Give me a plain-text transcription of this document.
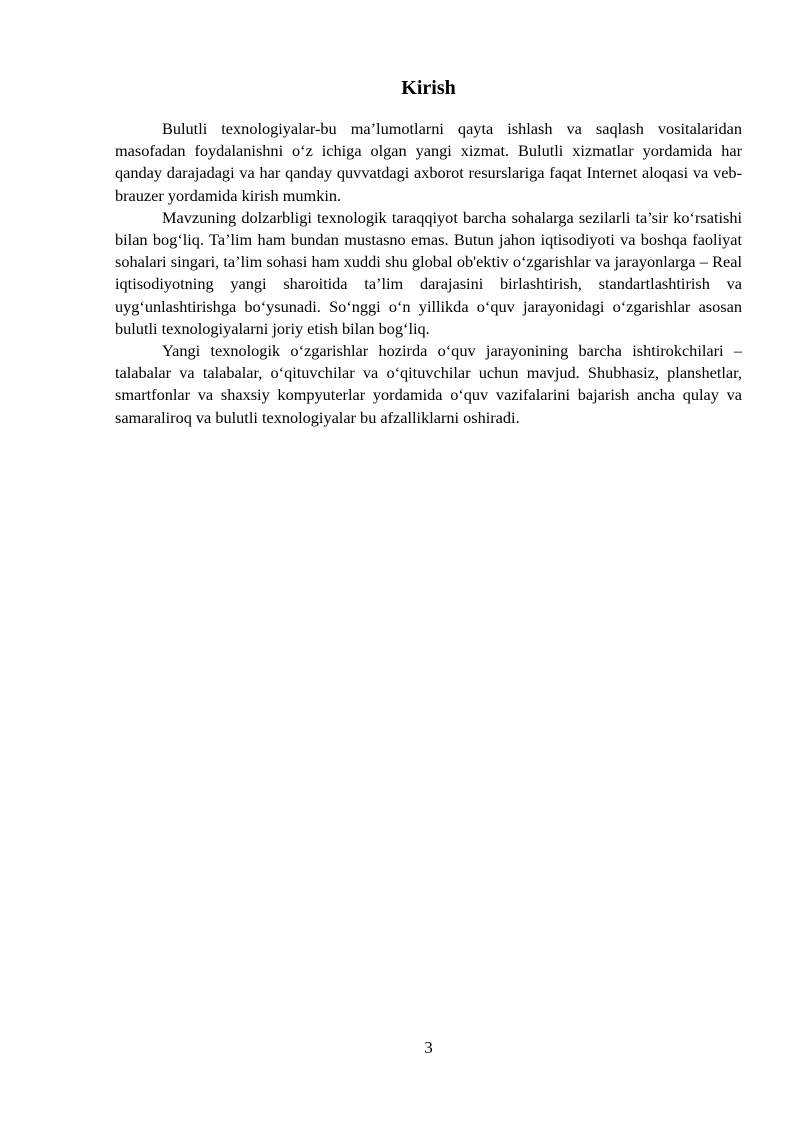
Kirish

Bulutli texnologiyalar-bu ma’lumotlarni qayta ishlash va saqlash vositalaridan masofadan foydalanishni o‘z ichiga olgan yangi xizmat. Bulutli xizmatlar yordamida har qanday darajadagi va har qanday quvvatdagi axborot resurslariga faqat Internet aloqasi va veb-brauzer yordamida kirish mumkin.

Mavzuning dolzarbligi texnologik taraqqiyot barcha sohalarga sezilarli ta’sir ko‘rsatishi bilan bog‘liq. Ta’lim ham bundan mustasno emas. Butun jahon iqtisodiyoti va boshqa faoliyat sohalari singari, ta’lim sohasi ham xuddi shu global ob'ektiv o‘zgarishlar va jarayonlarga – Real iqtisodiyotning yangi sharoitida ta’lim darajasini birlashtirish, standartlashtirish va uyg‘unlashtirishga bo‘ysunadi. So‘nggi o‘n yillikda o‘quv jarayonidagi o‘zgarishlar asosan bulutli texnologiyalarni joriy etish bilan bog‘liq.

Yangi texnologik o‘zgarishlar hozirda o‘quv jarayonining barcha ishtirokchilari – talabalar va talabalar, o‘qituvchilar va o‘qituvchilar uchun mavjud. Shubhasiz, planshetlar, smartfonlar va shaxsiy kompyuterlar yordamida o‘quv vazifalarini bajarish ancha qulay va samaraliroq va bulutli texnologiyalar bu afzalliklarni oshiradi.

3
